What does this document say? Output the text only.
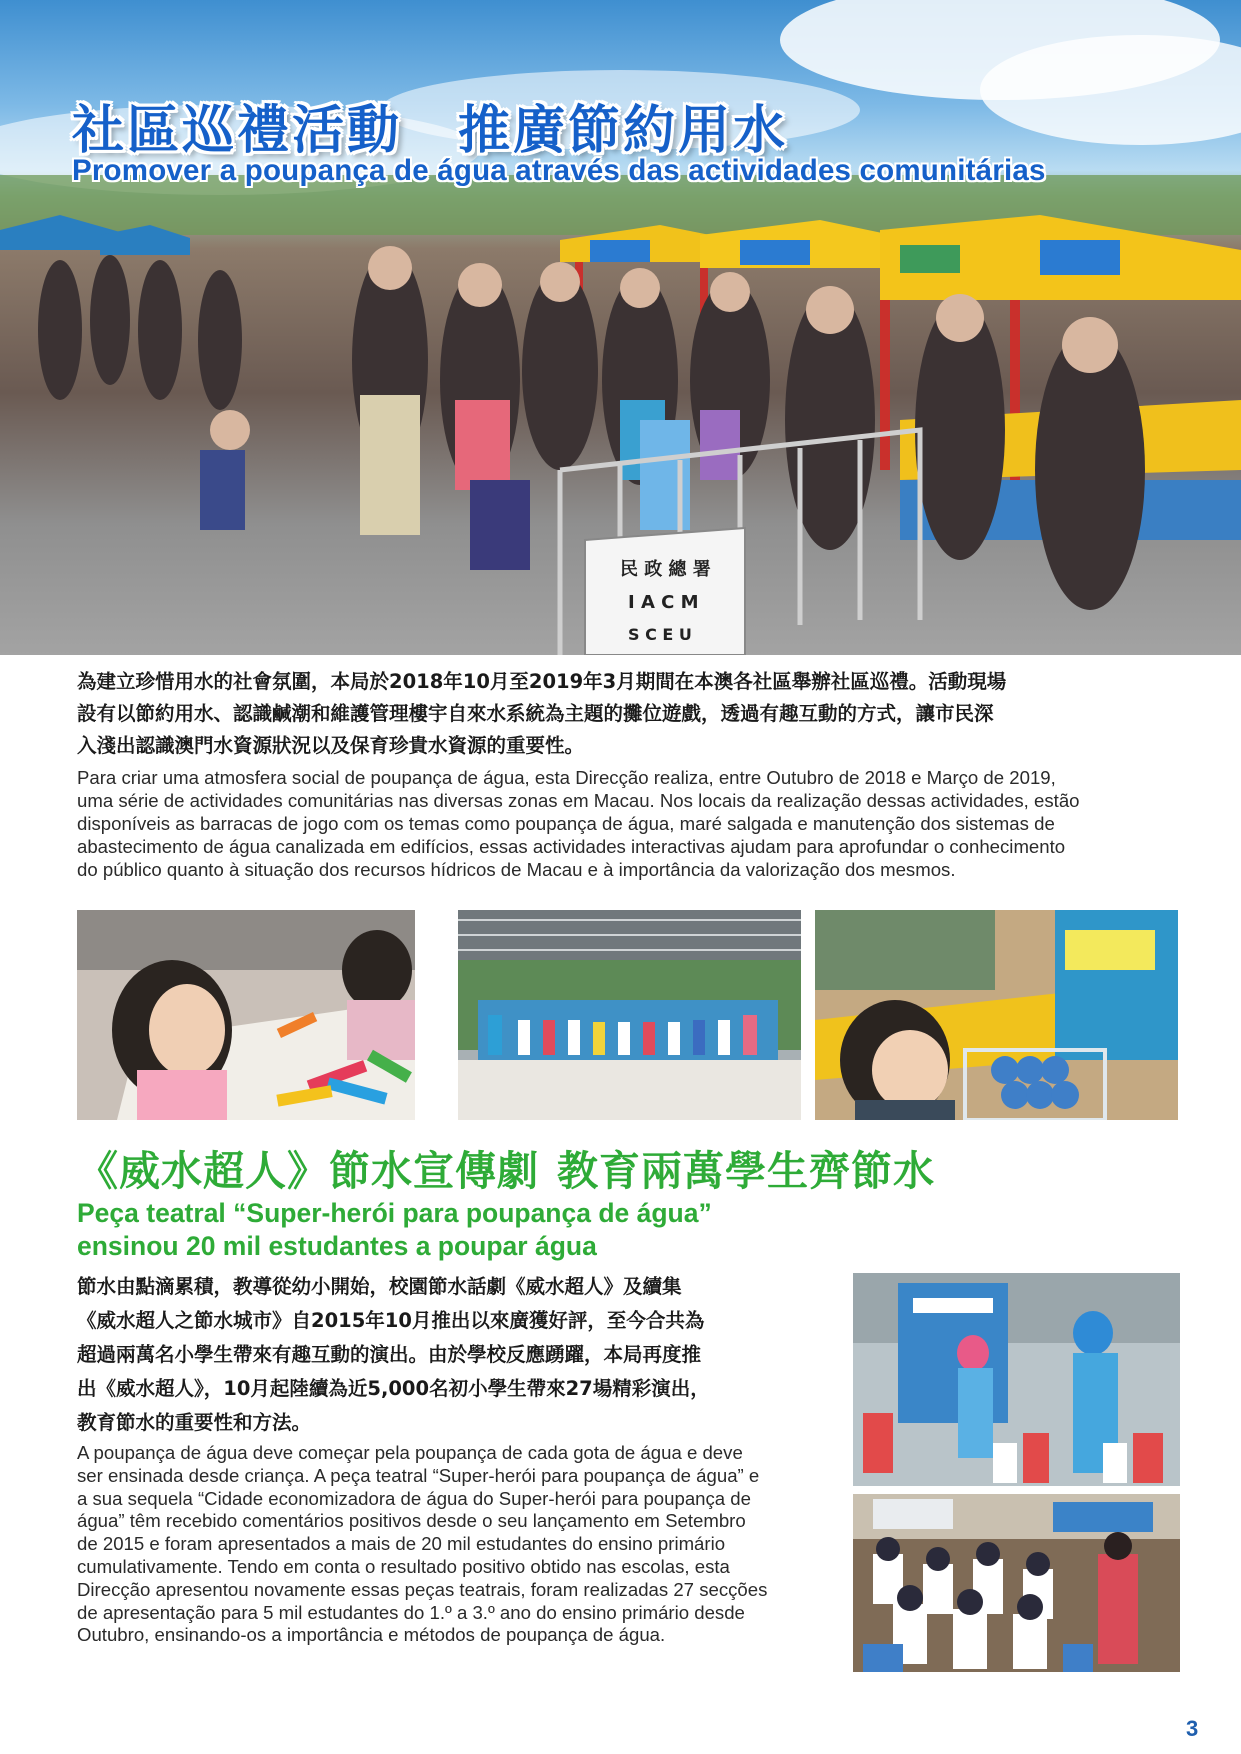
民 政 總 署
I A C M
S C E U
社區巡禮活動 推廣節約用水
Promover a poupança de água através das actividades comunitárias
為建立珍惜用水的社會氛圍，本局於2018年10月至2019年3月期間在本澳各社區舉辦社區巡禮。活動現場
設有以節約用水、認識鹹潮和維護管理樓宇自來水系統為主題的攤位遊戲，透過有趣互動的方式，讓市民深
入淺出認識澳門水資源狀況以及保育珍貴水資源的重要性。
Para criar uma atmosfera social de poupança de água, esta Direcção realiza, entre Outubro de 2018 e Março de 2019,
uma série de actividades comunitárias nas diversas zonas em Macau. Nos locais da realização dessas actividades, estão
disponíveis as barracas de jogo com os temas como poupança de água, maré salgada e manutenção dos sistemas de
abastecimento de água canalizada em edifícios, essas actividades interactivas ajudam para aprofundar o conhecimento
do público quanto à situação dos recursos hídricos de Macau e à importância da valorização dos mesmos.
《威水超人》節水宣傳劇 教育兩萬學生齊節水
Peça teatral “Super-herói para poupança de água”
ensinou 20 mil estudantes a poupar água
節水由點滴累積，教導從幼小開始，校園節水話劇《威水超人》及續集
《威水超人之節水城市》自2015年10月推出以來廣獲好評，至今合共為
超過兩萬名小學生帶來有趣互動的演出。由於學校反應踴躍，本局再度推
出《威水超人》，10月起陸續為近5,000名初小學生帶來27場精彩演出，
教育節水的重要性和方法。
A poupança de água deve começar pela poupança de cada gota de água e deve
ser ensinada desde criança. A peça teatral “Super-herói para poupança de água” e
a sua sequela “Cidade economizadora de água do Super-herói para poupança de
água” têm recebido comentários positivos desde o seu lançamento em Setembro
de 2015 e foram apresentados a mais de 20 mil estudantes do ensino primário
cumulativamente. Tendo em conta o resultado positivo obtido nas escolas, esta
Direcção apresentou novamente essas peças teatrais, foram realizadas 27 secções
de apresentação para 5 mil estudantes do 1.º a 3.º ano do ensino primário desde
Outubro, ensinando-os a importância e métodos de poupança de água.
3
